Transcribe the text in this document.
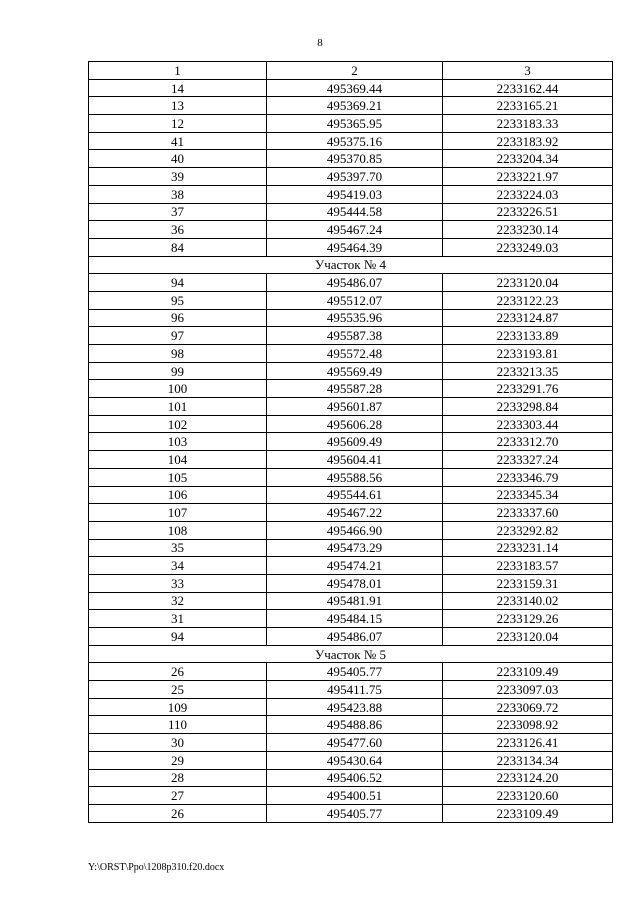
8
1	2	3
14	495369.44	2233162.44
13	495369.21	2233165.21
12	495365.95	2233183.33
41	495375.16	2233183.92
40	495370.85	2233204.34
39	495397.70	2233221.97
38	495419.03	2233224.03
37	495444.58	2233226.51
36	495467.24	2233230.14
84	495464.39	2233249.03
Участок № 4		
94	495486.07	2233120.04
95	495512.07	2233122.23
96	495535.96	2233124.87
97	495587.38	2233133.89
98	495572.48	2233193.81
99	495569.49	2233213.35
100	495587.28	2233291.76
101	495601.87	2233298.84
102	495606.28	2233303.44
103	495609.49	2233312.70
104	495604.41	2233327.24
105	495588.56	2233346.79
106	495544.61	2233345.34
107	495467.22	2233337.60
108	495466.90	2233292.82
35	495473.29	2233231.14
34	495474.21	2233183.57
33	495478.01	2233159.31
32	495481.91	2233140.02
31	495484.15	2233129.26
94	495486.07	2233120.04
Участок № 5		
26	495405.77	2233109.49
25	495411.75	2233097.03
109	495423.88	2233069.72
110	495488.86	2233098.92
30	495477.60	2233126.41
29	495430.64	2233134.34
28	495406.52	2233124.20
27	495400.51	2233120.60
26	495405.77	2233109.49
Y:\ORST\Ppo\1208p310.f20.docx
